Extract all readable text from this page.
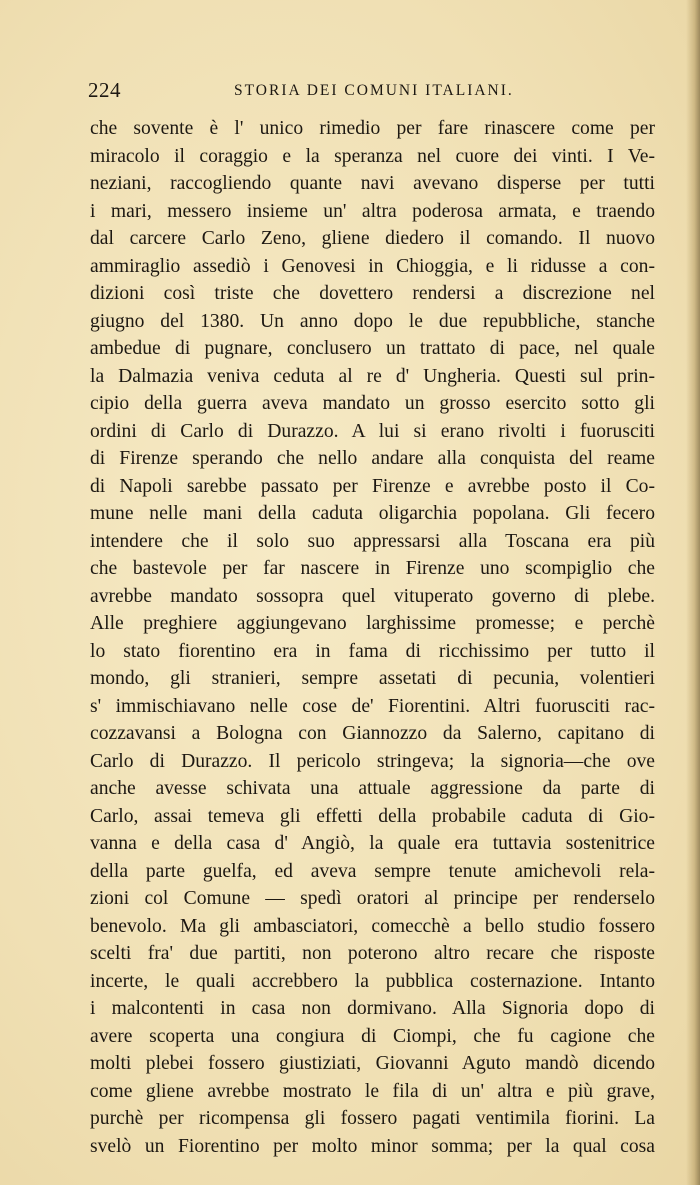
224	STORIA DEI COMUNI ITALIANI.
che sovente è l' unico rimedio per fare rinascere come per
miracolo il coraggio e la speranza nel cuore dei vinti. I Ve-
neziani, raccogliendo quante navi avevano disperse per tutti
i mari, messero insieme un' altra poderosa armata, e traendo
dal carcere Carlo Zeno, gliene diedero il comando. Il nuovo
ammiraglio assediò i Genovesi in Chioggia, e li ridusse a con-
dizioni così triste che dovettero rendersi a discrezione nel
giugno del 1380. Un anno dopo le due repubbliche, stanche
ambedue di pugnare, conclusero un trattato di pace, nel quale
la Dalmazia veniva ceduta al re d' Ungheria. Questi sul prin-
cipio della guerra aveva mandato un grosso esercito sotto gli
ordini di Carlo di Durazzo. A lui si erano rivolti i fuorusciti
di Firenze sperando che nello andare alla conquista del reame
di Napoli sarebbe passato per Firenze e avrebbe posto il Co-
mune nelle mani della caduta oligarchia popolana. Gli fecero
intendere che il solo suo appressarsi alla Toscana era più
che bastevole per far nascere in Firenze uno scompiglio che
avrebbe mandato sossopra quel vituperato governo di plebe.
Alle preghiere aggiungevano larghissime promesse; e perchè
lo stato fiorentino era in fama di ricchissimo per tutto il
mondo, gli stranieri, sempre assetati di pecunia, volentieri
s' immischiavano nelle cose de' Fiorentini. Altri fuorusciti rac-
cozzavansi a Bologna con Giannozzo da Salerno, capitano di
Carlo di Durazzo. Il pericolo stringeva; la signoria—che ove
anche avesse schivata una attuale aggressione da parte di
Carlo, assai temeva gli effetti della probabile caduta di Gio-
vanna e della casa d' Angiò, la quale era tuttavia sostenitrice
della parte guelfa, ed aveva sempre tenute amichevoli rela-
zioni col Comune — spedì oratori al principe per renderselo
benevolo. Ma gli ambasciatori, comecchè a bello studio fossero
scelti fra' due partiti, non poterono altro recare che risposte
incerte, le quali accrebbero la pubblica costernazione. Intanto
i malcontenti in casa non dormivano. Alla Signoria dopo di
avere scoperta una congiura di Ciompi, che fu cagione che
molti plebei fossero giustiziati, Giovanni Aguto mandò dicendo
come gliene avrebbe mostrato le fila di un' altra e più grave,
purchè per ricompensa gli fossero pagati ventimila fiorini. La
svelò un Fiorentino per molto minor somma; per la qual cosa
